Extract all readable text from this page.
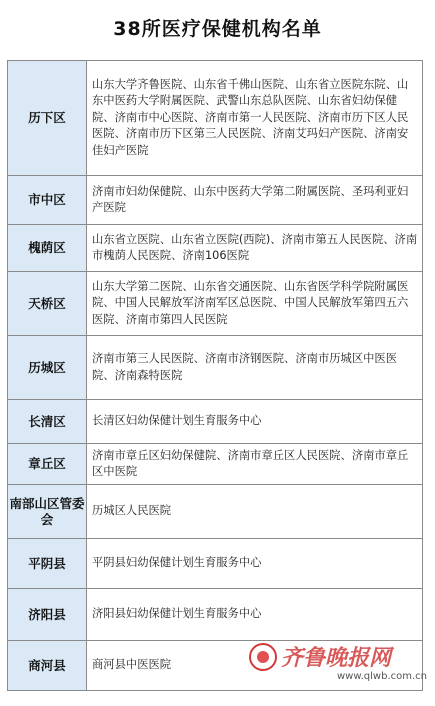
38所医疗保健机构名单
历下区	山东大学齐鲁医院、山东省千佛山医院、山东省立医院东院、山东中医药大学附属医院、武警山东总队医院、山东省妇幼保健院、济南市中心医院、济南市第一人民医院、济南市历下区人民医院、济南市历下区第三人民医院、济南艾玛妇产医院、济南安佳妇产医院
市中区	济南市妇幼保健院、山东中医药大学第二附属医院、圣玛利亚妇产医院
槐荫区	山东省立医院、山东省立医院(西院)、济南市第五人民医院、济南市槐荫人民医院、济南106医院
天桥区	山东大学第二医院、山东省交通医院、山东省医学科学院附属医院、中国人民解放军济南军区总医院、中国人民解放军第四五六医院、济南市第四人民医院
历城区	济南市第三人民医院、济南市济钢医院、济南市历城区中医医院、济南森特医院
长清区	长清区妇幼保健计划生育服务中心
章丘区	济南市章丘区妇幼保健院、济南市章丘区人民医院、济南市章丘区中医院
南部山区管委会	历城区人民医院
平阴县	平阴县妇幼保健计划生育服务中心
济阳县	济阳县妇幼保健计划生育服务中心
商河县	商河县中医医院	齐鲁晚报网
www.qlwb.com.cn
